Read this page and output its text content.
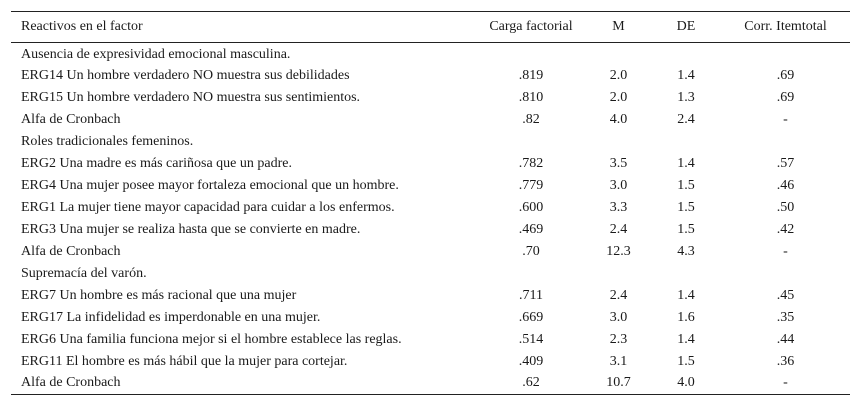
Reactivos en el factor	Carga factorial	M	DE	Corr. Itemtotal
Ausencia de expresividad emocional masculina.				
ERG14 Un hombre verdadero NO muestra sus debilidades	.819	2.0	1.4	.69
ERG15 Un hombre verdadero NO muestra sus sentimientos.	.810	2.0	1.3	.69
Alfa de Cronbach	.82	4.0	2.4	-
Roles tradicionales femeninos.				
ERG2 Una madre es más cariñosa que un padre.	.782	3.5	1.4	.57
ERG4 Una mujer posee mayor fortaleza emocional que un hombre.	.779	3.0	1.5	.46
ERG1 La mujer tiene mayor capacidad para cuidar a los enfermos.	.600	3.3	1.5	.50
ERG3 Una mujer se realiza hasta que se convierte en madre.	.469	2.4	1.5	.42
Alfa de Cronbach	.70	12.3	4.3	-
Supremacía del varón.				
ERG7 Un hombre es más racional que una mujer	.711	2.4	1.4	.45
ERG17 La infidelidad es imperdonable en una mujer.	.669	3.0	1.6	.35
ERG6 Una familia funciona mejor si el hombre establece las reglas.	.514	2.3	1.4	.44
ERG11 El hombre es más hábil que la mujer para cortejar.	.409	3.1	1.5	.36
Alfa de Cronbach	.62	10.7	4.0	-
